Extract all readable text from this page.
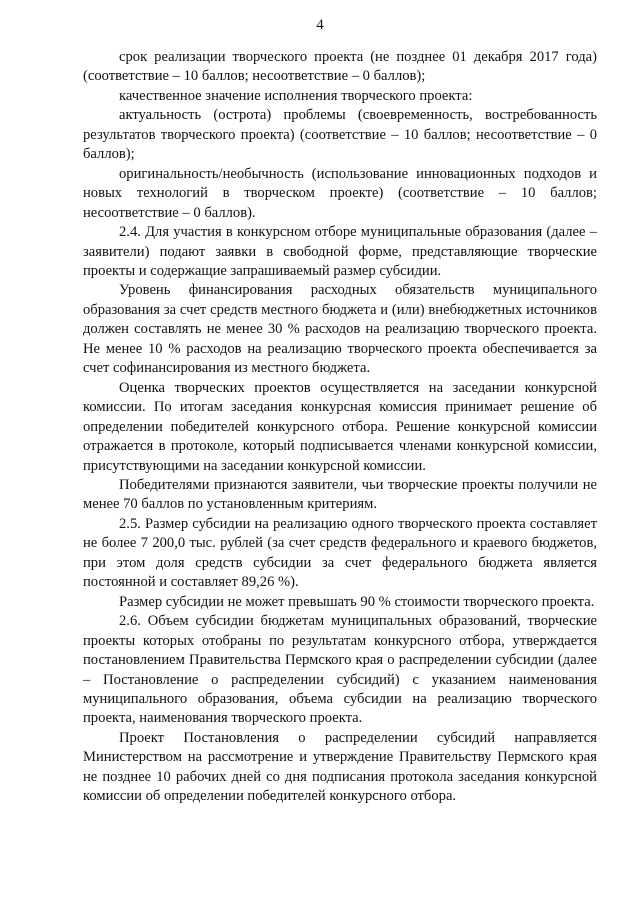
4

срок реализации творческого проекта (не позднее 01 декабря 2017 года) (соответствие – 10 баллов; несоответствие – 0 баллов);

качественное значение исполнения творческого проекта:

актуальность (острота) проблемы (своевременность, востребованность результатов творческого проекта) (соответствие – 10 баллов; несоответствие – 0 баллов);

оригинальность/необычность (использование инновационных подходов и новых технологий в творческом проекте) (соответствие – 10 баллов; несоответствие – 0 баллов).

2.4. Для участия в конкурсном отборе муниципальные образования (далее – заявители) подают заявки в свободной форме, представляющие творческие проекты и содержащие запрашиваемый размер субсидии.

Уровень финансирования расходных обязательств муниципального образования за счет средств местного бюджета и (или) внебюджетных источников должен составлять не менее 30 % расходов на реализацию творческого проекта. Не менее 10 % расходов на реализацию творческого проекта обеспечивается за счет софинансирования из местного бюджета.

Оценка творческих проектов осуществляется на заседании конкурсной комиссии. По итогам заседания конкурсная комиссия принимает решение об определении победителей конкурсного отбора. Решение конкурсной комиссии отражается в протоколе, который подписывается членами конкурсной комиссии, присутствующими на заседании конкурсной комиссии.

Победителями признаются заявители, чьи творческие проекты получили не менее 70 баллов по установленным критериям.

2.5. Размер субсидии на реализацию одного творческого проекта составляет не более 7 200,0 тыс. рублей (за счет средств федерального и краевого бюджетов, при этом доля средств субсидии за счет федерального бюджета является постоянной и составляет 89,26 %).

Размер субсидии не может превышать 90 % стоимости творческого проекта.

2.6. Объем субсидии бюджетам муниципальных образований, творческие проекты которых отобраны по результатам конкурсного отбора, утверждается постановлением Правительства Пермского края о распределении субсидии (далее – Постановление о распределении субсидий) с указанием наименования муниципального образования, объема субсидии на реализацию творческого проекта, наименования творческого проекта.

Проект Постановления о распределении субсидий направляется Министерством на рассмотрение и утверждение Правительству Пермского края не позднее 10 рабочих дней со дня подписания протокола заседания конкурсной комиссии об определении победителей конкурсного отбора.
